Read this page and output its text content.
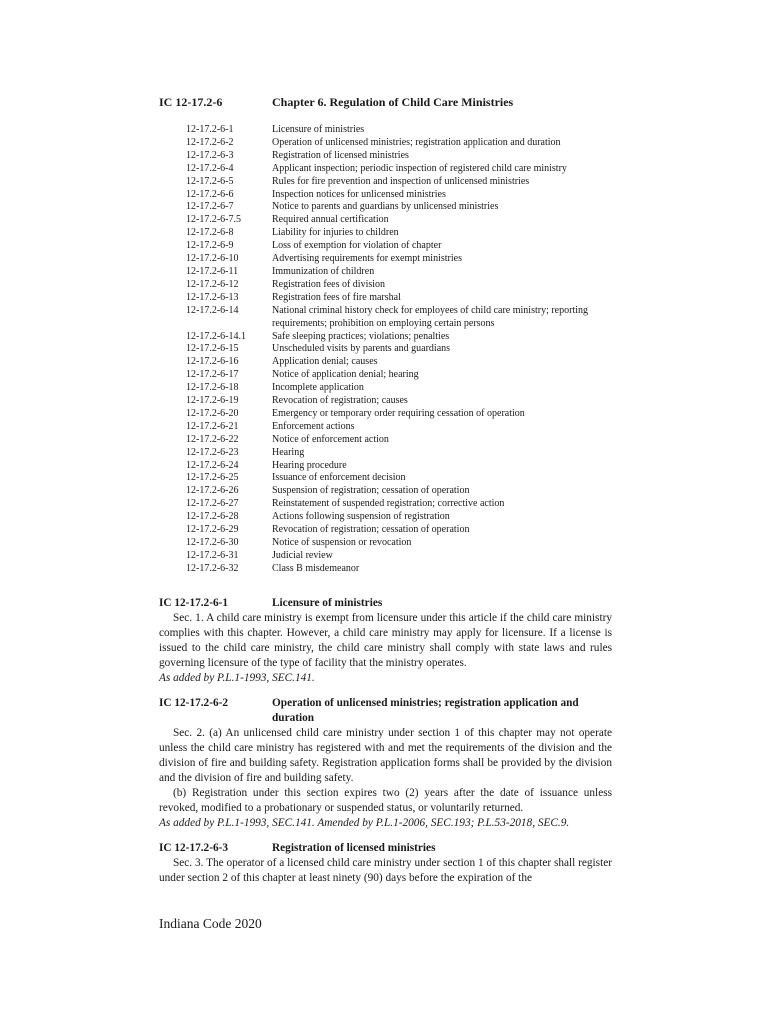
IC 12-17.2-6	Chapter 6. Regulation of Child Care Ministries
12-17.2-6-1	Licensure of ministries
12-17.2-6-2	Operation of unlicensed ministries; registration application and duration
12-17.2-6-3	Registration of licensed ministries
12-17.2-6-4	Applicant inspection; periodic inspection of registered child care ministry
12-17.2-6-5	Rules for fire prevention and inspection of unlicensed ministries
12-17.2-6-6	Inspection notices for unlicensed ministries
12-17.2-6-7	Notice to parents and guardians by unlicensed ministries
12-17.2-6-7.5	Required annual certification
12-17.2-6-8	Liability for injuries to children
12-17.2-6-9	Loss of exemption for violation of chapter
12-17.2-6-10	Advertising requirements for exempt ministries
12-17.2-6-11	Immunization of children
12-17.2-6-12	Registration fees of division
12-17.2-6-13	Registration fees of fire marshal
12-17.2-6-14	National criminal history check for employees of child care ministry; reporting requirements; prohibition on employing certain persons
12-17.2-6-14.1	Safe sleeping practices; violations; penalties
12-17.2-6-15	Unscheduled visits by parents and guardians
12-17.2-6-16	Application denial; causes
12-17.2-6-17	Notice of application denial; hearing
12-17.2-6-18	Incomplete application
12-17.2-6-19	Revocation of registration; causes
12-17.2-6-20	Emergency or temporary order requiring cessation of operation
12-17.2-6-21	Enforcement actions
12-17.2-6-22	Notice of enforcement action
12-17.2-6-23	Hearing
12-17.2-6-24	Hearing procedure
12-17.2-6-25	Issuance of enforcement decision
12-17.2-6-26	Suspension of registration; cessation of operation
12-17.2-6-27	Reinstatement of suspended registration; corrective action
12-17.2-6-28	Actions following suspension of registration
12-17.2-6-29	Revocation of registration; cessation of operation
12-17.2-6-30	Notice of suspension or revocation
12-17.2-6-31	Judicial review
12-17.2-6-32	Class B misdemeanor
IC 12-17.2-6-1	Licensure of ministries

Sec. 1. A child care ministry is exempt from licensure under this article if the child care ministry complies with this chapter. However, a child care ministry may apply for licensure. If a license is issued to the child care ministry, the child care ministry shall comply with state laws and rules governing licensure of the type of facility that the ministry operates.

As added by P.L.1-1993, SEC.141.

IC 12-17.2-6-2	Operation of unlicensed ministries; registration application and duration

Sec. 2. (a) An unlicensed child care ministry under section 1 of this chapter may not operate unless the child care ministry has registered with and met the requirements of the division and the division of fire and building safety. Registration application forms shall be provided by the division and the division of fire and building safety.

(b) Registration under this section expires two (2) years after the date of issuance unless revoked, modified to a probationary or suspended status, or voluntarily returned.

As added by P.L.1-1993, SEC.141. Amended by P.L.1-2006, SEC.193; P.L.53-2018, SEC.9.

IC 12-17.2-6-3	Registration of licensed ministries

Sec. 3. The operator of a licensed child care ministry under section 1 of this chapter shall register under section 2 of this chapter at least ninety (90) days before the expiration of the

Indiana Code 2020
